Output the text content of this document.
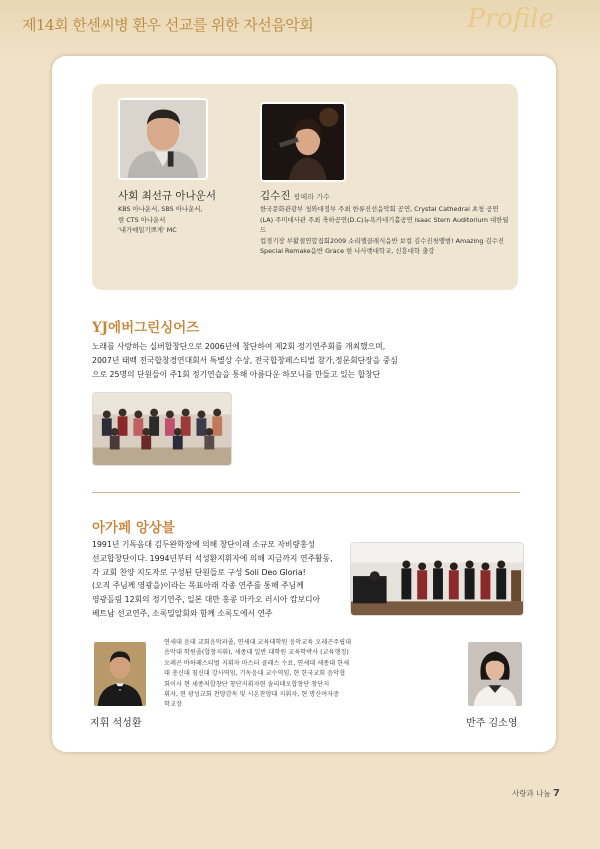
제14회 한센씨병 환우 선교를 위한 자선음악회	Profile
사회 최선규 아나운서
KBS 아나운서, SBS 아나운서,
현 CTS 아나운서
'내가매일기쁘게' MC
김수진 팝페라 가수
한국문화관광부 청와대정부 주최 한류진선음악회 공연, Crystal Cathedral 초청 공연
(LA) 주미대사관 주최 축하공연(D.C)뉴욕카네기홀공연 Isaac Stern Auditorium 대한월드
컵경기장 부활절연합집회2009 소리엘클래식음반 보컬 김수진첫앨범! Amazing 김수진
Special Remake음반 Grace 현 나사렛대학교, 신흥대학 출강
YJ에버그린싱어즈
노래를 사랑하는 실버합창단으로 2006년에 창단하여 제2회 정기연주회를 개최했으며,
2007년 태백 전국합창경연대회서 특별상 수상, 전국합창페스티벌 참가,정문회단장을 중심
으로 25명의 단원들이 주1회 정기연습을 통해 아름다운 하모니를 만들고 있는 합창단
아가페 앙상블
1991년 기독음대 김두완학장에 의해 창단이래 소규모 자비량홍성
선교합창단이다. 1994년부터 석성환지휘자에 의해 지금까지 연주활동,
각 교회 찬양 지도자로 구성된 단원들로 구성 Soli Deo Gloria!
(오직 주님께 영광을)이라는 목표아래 각종 연주를 통해 주님께
영광돌림 12회의 정기연주, 일본 대만 홍콩 마카오 러시아 캄보디아
베트남 선교연주, 소록밀알회와 함께 소록도에서 연주
지휘 석성환
연세대 음대 교회음악과졸, 연세대 교육대학원 음악교육 오레곤주립대
음악대 학원졸(합창지휘), 세종대 일반 대학원 교육학박사 (교육행정)
오레곤 바하페스티벌 지휘자 마스터 클래스 수료, 연세대 세종대 한세
대 총신대 침신대 강사역임, 기독음대 교수역임, 현 한국교회 음악협
회이사 현 세종처합창단 창단지휘자현 솔리데오합창단 창단지
휘자, 현 광성교회 찬양감독 및 시온찬양대 지휘자, 현 명신여자중
학교장
반주 김소영
사랑과 나눔 7
